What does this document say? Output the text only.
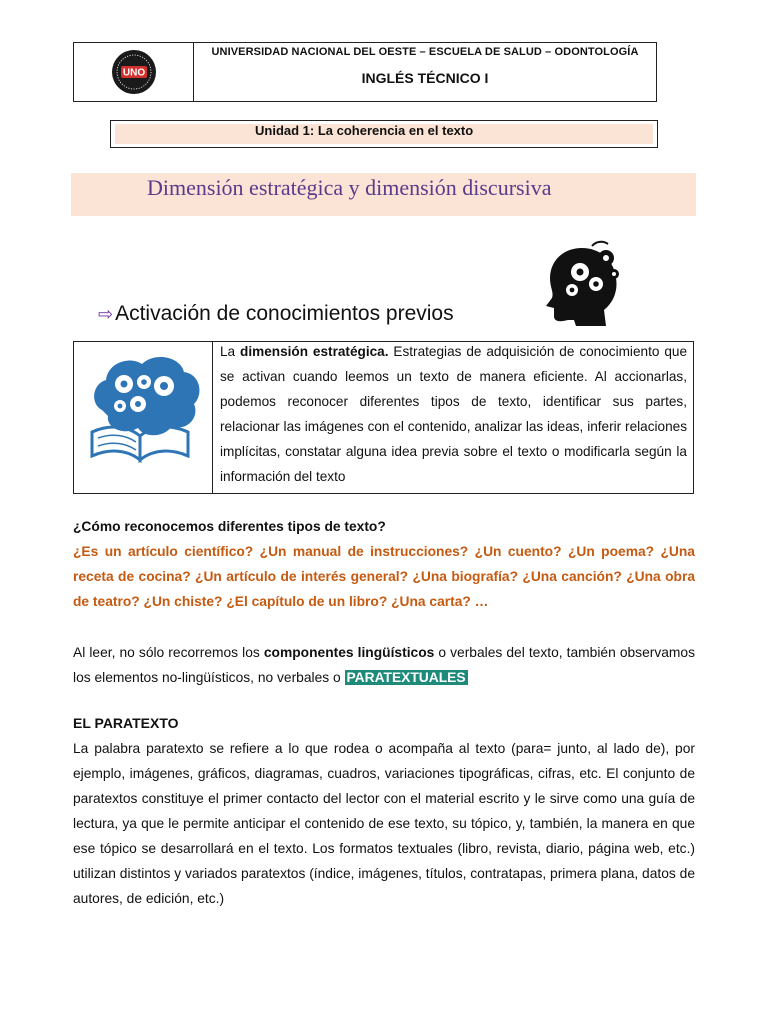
UNO
UNIVERSIDAD NACIONAL DEL OESTE – ESCUELA DE SALUD – ODONTOLOGÍA
INGLÉS TÉCNICO I
Unidad 1: La coherencia en el texto
Dimensión estratégica y dimensión discursiva
⇨Activación de conocimientos previos
La dimensión estratégica. Estrategias de adquisición de conocimiento que se activan cuando leemos un texto de manera eficiente. Al accionarlas, podemos reconocer diferentes tipos de texto, identificar sus partes, relacionar las imágenes con el contenido, analizar las ideas, inferir relaciones implícitas, constatar alguna idea previa sobre el texto o modificarla según la información del texto
¿Cómo reconocemos diferentes tipos de texto?
¿Es un artículo científico? ¿Un manual de instrucciones? ¿Un cuento? ¿Un poema? ¿Una receta de cocina? ¿Un artículo de interés general? ¿Una biografía? ¿Una canción? ¿Una obra de teatro? ¿Un chiste? ¿El capítulo de un libro? ¿Una carta? …
Al leer, no sólo recorremos los componentes lingüísticos o verbales del texto, también observamos los elementos no-lingüísticos, no verbales o PARATEXTUALES
EL PARATEXTO
La palabra paratexto se refiere a lo que rodea o acompaña al texto (para= junto, al lado de), por ejemplo, imágenes, gráficos, diagramas, cuadros, variaciones tipográficas, cifras, etc. El conjunto de paratextos constituye el primer contacto del lector con el material escrito y le sirve como una guía de lectura, ya que le permite anticipar el contenido de ese texto, su tópico, y, también, la manera en que ese tópico se desarrollará en el texto. Los formatos textuales (libro, revista, diario, página web, etc.) utilizan distintos y variados paratextos (índice, imágenes, títulos, contratapas, primera plana, datos de autores, de edición, etc.)
